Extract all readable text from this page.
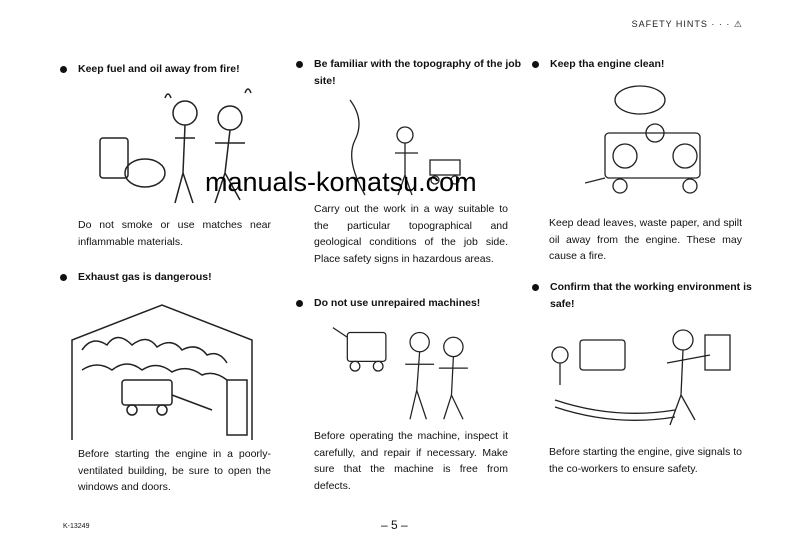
SAFETY HINTS · · · ⚠
Keep fuel and oil away from fire!
Do not smoke or use matches near inflammable materials.
Exhaust gas is dangerous!
Before starting the engine in a poorly-ventilated building, be sure to open the windows and doors.
Be familiar with the topography of the job site!
Carry out the work in a way suitable to the particular topographical and geological conditions of the job side. Place safety signs in hazardous areas.
Do not use unrepaired machines!
Before operating the machine, inspect it carefully, and repair if necessary. Make sure that the machine is free from defects.
Keep tha engine clean!
Keep dead leaves, waste paper, and spilt oil away from the engine. These may cause a fire.
Confirm that the working environment is safe!
Before starting the engine, give signals to the co-workers to ensure safety.
manuals-komatsu.com
K-13249	– 5 –
